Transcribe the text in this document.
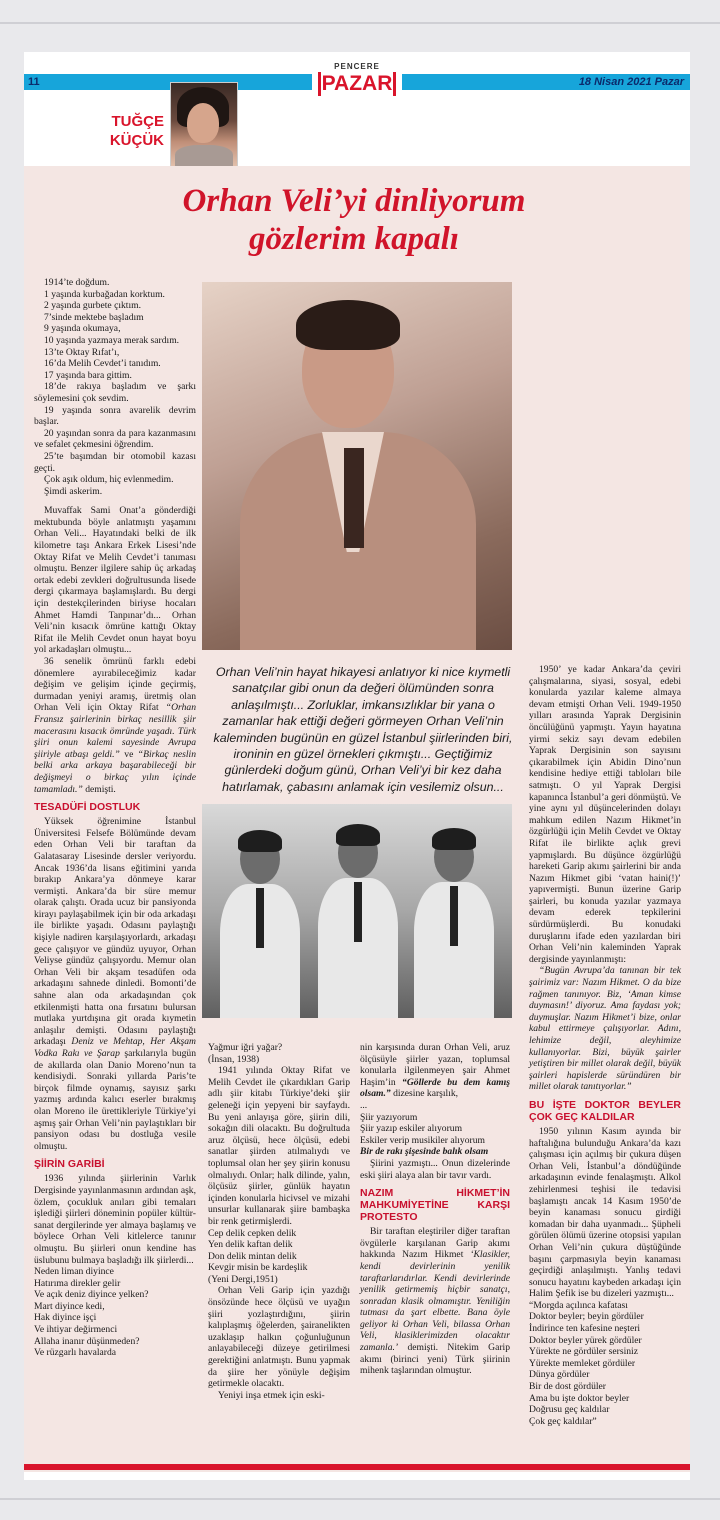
11	18 Nisan 2021 Pazar
PENCERE
PAZAR
TUĞÇE
KÜÇÜK
Orhan Veli’yi dinliyorum
gözlerim kapalı

1914’te doğdum.

1 yaşında kurbağadan korktum.

2 yaşında gurbete çıktım.

7’sinde mektebe başladım

9 yaşında okumaya,

10 yaşında yazmaya merak sardım.

13’te Oktay Rıfat’ı,

16’da Melih Cevdet’i tanıdım.

17 yaşında bara gittim.

18’de rakıya başladım ve şarkı söylemesini çok sevdim.

19 yaşında sonra avarelik devrim başlar.

20 yaşından sonra da para kazanmasını ve sefalet çekmesini öğrendim.

25’te başımdan bir otomobil kazası geçti.

Çok aşık oldum, hiç evlenmedim.

Şimdi askerim.

Muvaffak Sami Onat’a gönderdiği mektubunda böyle anlatmıştı yaşamını Orhan Veli... Hayatındaki belki de ilk kilometre taşı Ankara Erkek Lisesi’nde Oktay Rifat ve Melih Cevdet’i tanıması olmuştu. Benzer ilgilere sahip üç arkadaş ortak edebi zevkleri doğrultusunda lisede dergi çıkarmaya başlamışlardı. Bu dergi için destekçilerinden biriyse hocaları Ahmet Hamdi Tanpınar’dı... Orhan Veli’nin kısacık ömrüne kattığı Oktay Rifat ile Melih Cevdet onun hayat boyu yol arkadaşları olmuştu...

36 senelik ömrünü farklı edebi dönemlere ayırabileceğimiz kadar değişim ve gelişim içinde geçirmiş, durmadan yeniyi aramış, üretmiş olan Orhan Veli için Oktay Rifat “Orhan Fransız şairlerinin birkaç nesillik şiir macerasını kısacık ömründe yaşadı. Türk şiiri onun kalemi sayesinde Avrupa şiiriyle atbaşı geldi.” ve “Birkaç neslin belki arka arkaya başarabileceği bir değişmeyi o birkaç yılın içinde tamamladı.” demişti.

TESADÜFİ DOSTLUK

Yüksek öğrenimine İstanbul Üniversitesi Felsefe Bölümünde devam eden Orhan Veli bir taraftan da Galatasaray Lisesinde dersler veriyordu. Ancak 1936’da lisans eğitimini yarıda bırakıp Ankara’ya dönmeye karar vermişti. Ankara’da bir süre memur olarak çalıştı. Orada ucuz bir pansiyonda kirayı paylaşabilmek için bir oda arkadaşı ile birlikte yaşadı. Odasını paylaştığı kişiyle nadiren karşılaşıyorlardı, arkadaşı gece çalışıyor ve gündüz uyuyor, Orhan Veliyse gündüz çalışıyordu. Memur olan Orhan Veli bir akşam tesadüfen oda arkadaşını sahnede dinledi. Bomonti’de sahne alan oda arkadaşından çok etkilenmişti hatta ona fırsatını bulursan mutlaka yurtdışına git orada kıymetin anlaşılır demişti. Odasını paylaştığı arkadaşı Deniz ve Mehtap, Her Akşam Vodka Rakı ve Şarap şarkılarıyla bugün de akıllarda olan Danio Moreno’nun ta kendisiydi. Sonraki yıllarda Paris’te birçok filmde oynamış, sayısız şarkı yazmış ardında kalıcı eserler bırakmış olan Moreno ile ürettikleriyle Türkiye’yi aşmış şair Orhan Veli’nin paylaştıkları bir pansiyon odası bu dostluğa vesile olmuştu.

ŞİİRİN GARİBİ

1936 yılında şiirlerinin Varlık Dergisinde yayınlanmasının ardından aşk, özlem, çocukluk anıları gibi temaları işlediği şiirleri döneminin popüler kültür-sanat dergilerinde yer almaya başlamış ve böylece Orhan Veli kitlelerce tanınır olmuştu. Bu şiirleri onun kendine has üslubunu bulmaya başladığı ilk şiirlerdi...

Neden liman diyince

Hatırıma direkler gelir

Ve açık deniz diyince yelken?

Mart diyince kedi,

Hak diyince işçi

Ve ihtiyar değirmenci

Allaha inanır düşünmeden?

Ve rüzgarlı havalarda

Orhan Veli’nin hayat hikayesi anlatıyor ki nice kıymetli sanatçılar gibi onun da değeri ölümünden sonra anlaşılmıştı... Zorluklar, imkansızlıklar bir yana o zamanlar hak ettiği değeri görmeyen Orhan Veli’nin kaleminden bugünün en güzel İstanbul şiirlerinden biri, ironinin en güzel örnekleri çıkmıştı... Geçtiğimiz günlerdeki doğum günü, Orhan Veli’yi bir kez daha hatırlamak, çabasını anlamak için vesilemiz olsun...

Yağmur iğri yağar?

(İnsan, 1938)

1941 yılında Oktay Rifat ve Melih Cevdet ile çıkardıkları Garip adlı şiir kitabı Türkiye’deki şiir geleneği için yepyeni bir sayfaydı. Bu yeni anlayışa göre, şiirin dili, sokağın dili olacaktı. Bu doğrultuda aruz ölçüsü, hece ölçüsü, edebi sanatlar şiirden atılmalıydı ve toplumsal olan her şey şiirin konusu olmalıydı. Onlar; halk dilinde, yalın, ölçüsüz şiirler, günlük hayatın içinden konularla hicivsel ve mizahi unsurlar kullanarak şiire bambaşka bir renk getirmişlerdi.

Cep delik cepken delik

Yen delik kaftan delik

Don delik mintan delik

Kevgir misin be kardeşlik

(Yeni Dergi,1951)

Orhan Veli Garip için yazdığı önsözünde hece ölçüsü ve uyağın şiiri yozlaştırdığını, şiirin kalıplaşmış öğelerden, şairanelikten uzaklaşıp halkın çoğunluğunun anlayabileceği düzeye getirilmesi gerektiğini anlatmıştı. Bunu yapmak da şiire her yönüyle değişim getirmekle olacaktı.

Yeniyi inşa etmek için eski-

nin karşısında duran Orhan Veli, aruz ölçüsüyle şiirler yazan, toplumsal konularla ilgilenmeyen şair Ahmet Haşim’in “Göllerde bu dem kamış olsam.” dizesine karşılık,

...

Şiir yazıyorum

Şiir yazıp eskiler alıyorum

Eskiler verip musikiler alıyorum

Bir de rakı şişesinde balık olsam

Şiirini yazmıştı... Onun dizelerinde eski şiiri alaya alan bir tavır vardı.

NAZIM HİKMET’İN MAHKUMİYETİNE KARŞI PROTESTO

Bir taraftan eleştiriler diğer taraftan övgülerle karşılanan Garip akımı hakkında Nazım Hikmet ‘Klasikler, kendi devirlerinin yenilik taraftarlarıdırlar. Kendi devirlerinde yenilik getirmemiş hiçbir sanatçı, sonradan klasik olmamıştır. Yeniliğin tutması da şart elbette. Bana öyle geliyor ki Orhan Veli, bilassa Orhan Veli, klasiklerimizden olacaktır zamanla.’ demişti. Nitekim Garip akımı (birinci yeni) Türk şiirinin mihenk taşlarından olmuştur.

1950’ ye kadar Ankara’da çeviri çalışmalarına, siyasi, sosyal, edebi konularda yazılar kaleme almaya devam etmişti Orhan Veli. 1949-1950 yılları arasında Yaprak Dergisinin öncülüğünü yapmıştı. Yayın hayatına yirmi sekiz sayı devam edebilen Yaprak Dergisinin son sayısını çıkarabilmek için Abidin Dino’nun kendisine hediye ettiği tabloları bile satmıştı. O yıl Yaprak Dergisi kapanınca İstanbul’a geri dönmüştü. Ve yine aynı yıl düşüncelerinden dolayı mahkum edilen Nazım Hikmet’in özgürlüğü için Melih Cevdet ve Oktay Rifat ile birlikte açlık grevi yapmışlardı. Bu düşünce özgürlüğü hareketi Garip akımı şairlerini bir anda Nazım Hikmet gibi ‘vatan haini(!)’ yapıvermişti. Bunun üzerine Garip şairleri, bu konuda yazılar yazmaya devam ederek tepkilerini sürdürmüşlerdi. Bu konudaki duruşlarını ifade eden yazılardan biri Orhan Veli’nin kaleminden Yaprak dergisinde yayınlanmıştı:

“Bugün Avrupa’da tanınan bir tek şairimiz var: Nazım Hikmet. O da bize rağmen tanınıyor. Biz, ‘Aman kimse duymasın!’ diyoruz. Ama faydası yok; duymuşlar. Nazım Hikmet’i bize, onlar kabul ettirmeye çalışıyorlar. Adını, lehimize değil, aleyhimize kullanıyorlar. Bizi, büyük şairler yetiştiren bir millet olarak değil, büyük şairleri hapislerde süründüren bir millet olarak tanıtıyorlar.”

BU İŞTE DOKTOR BEYLER ÇOK GEÇ KALDILAR

1950 yılının Kasım ayında bir haftalığına bulunduğu Ankara’da kazı çalışması için açılmış bir çukura düşen Orhan Veli, İstanbul’a döndüğünde arkadaşının evinde fenalaşmıştı. Alkol zehirlenmesi teşhisi ile tedavisi başlamıştı ancak 14 Kasım 1950’de beyin kanaması sonucu girdiği komadan bir daha uyanmadı... Şüpheli görülen ölümü üzerine otopsisi yapılan Orhan Veli’nin çukura düştüğünde başını çarpmasıyla beyin kanaması geçirdiği anlaşılmıştı. Yanlış tedavi sonucu hayatını kaybeden arkadaşı için Halim Şefik ise bu dizeleri yazmıştı...

“Morgda açılınca kafatası

Doktor beyler; beyin gördüler

İndirince ten kafesine neşteri

Doktor beyler yürek gördüler

Yürekte ne gördüler sersiniz

Yürekte memleket gördüler

Dünya gördüler

Bir de dost gördüler

Ama bu işte doktor beyler

Doğrusu geç kaldılar

Çok geç kaldılar”
